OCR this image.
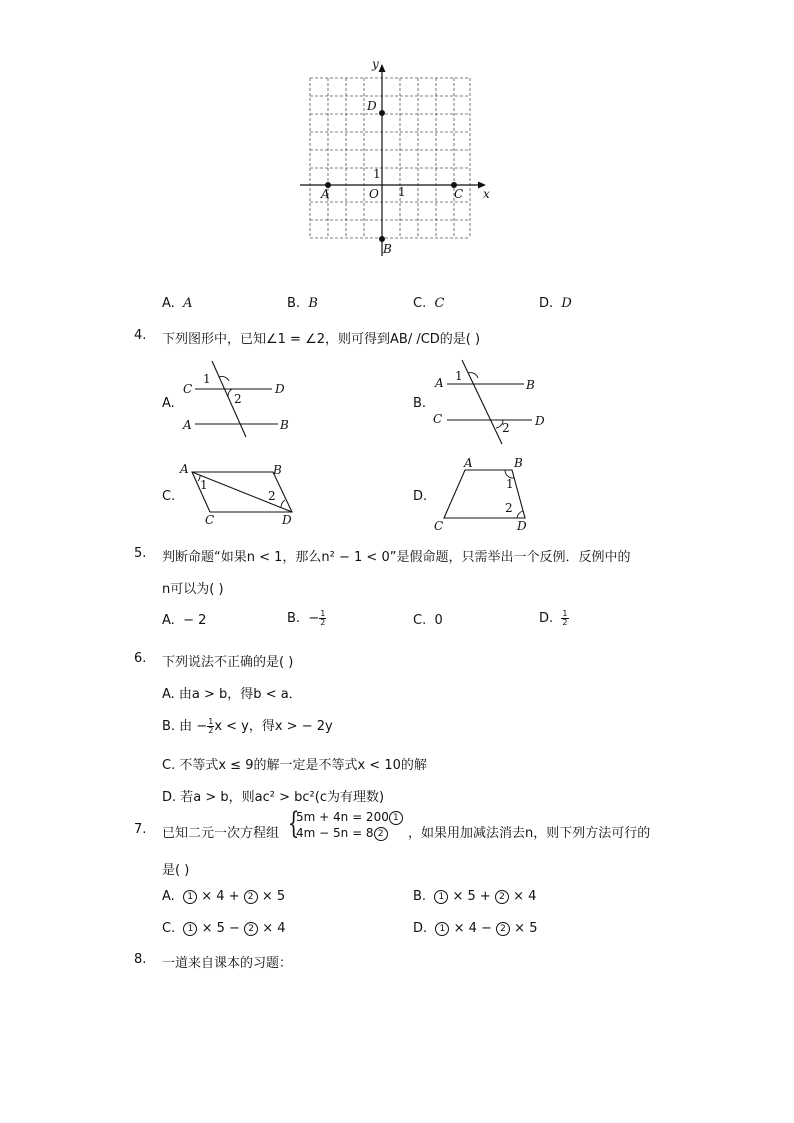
x
y
O 1
1
A
B
C
D
A. A	B. B	C. C	D. D
4. 下列图形中，已知∠1 = ∠2，则可得到AB/ /CD的是( )
A.
C	D
A	B
1
2	B.
A	B
C	D
1
2
C.
A	B
C	D
1
2	D.
A	B
C	D
1
2
5. 判断命题“如果n < 1，那么n² − 1 < 0”是假命题，只需举出一个反例．反例中的
n可以为( )
A. − 2	B. − $\frac{1}{2}$	C. 0	D. $\frac{1}{2}$
6. 下列说法不正确的是( )
A. 由a > b，得b < a．
B. 由 − $\frac{1}{2}$ x < y，得x > − 2y
C. 不等式x ≤ 9的解一定是不等式x < 10的解
D. 若a > b，则ac² > bc²(c为有理数)
7. 已知二元一次方程组 {
5m + 4n = 200 1
4m − 5n = 8 2	，如果用加减法消去n，则下列方法可行的
是( )
A. 1 × 4 + 2 × 5	B. 1 × 5 + 2 × 4
C. 1 × 5 − 2 × 4	D. 1 × 4 − 2 × 5
8. 一道来自课本的习题：
